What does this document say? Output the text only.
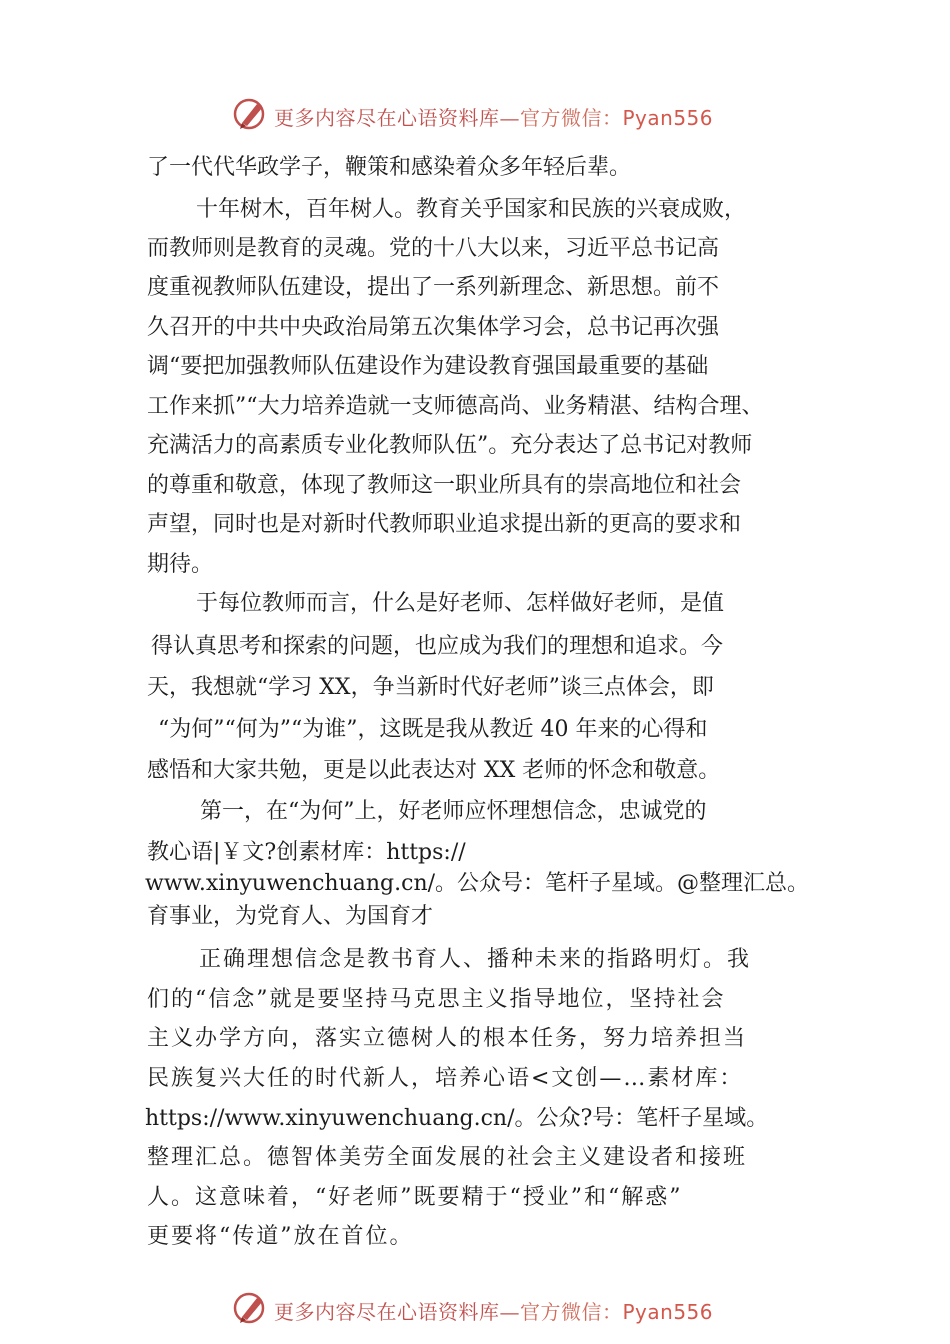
更多内容尽在心语资料库—官方微信：Pyan556
了一代代华政学子，鞭策和感染着众多年轻后辈。
十年树木，百年树人。教育关乎国家和民族的兴衰成败，
而教师则是教育的灵魂。党的十八大以来，习近平总书记高
度重视教师队伍建设，提出了一系列新理念、新思想。前不
久召开的中共中央政治局第五次集体学习会，总书记再次强
调“要把加强教师队伍建设作为建设教育强国最重要的基础
工作来抓”“大力培养造就一支师德高尚、业务精湛、结构合理、
充满活力的高素质专业化教师队伍”。充分表达了总书记对教师
的尊重和敬意，体现了教师这一职业所具有的崇高地位和社会
声望，同时也是对新时代教师职业追求提出新的更高的要求和
期待。
于每位教师而言，什么是好老师、怎样做好老师，是值
得认真思考和探索的问题，也应成为我们的理想和追求。今
天，我想就“学习 XX，争当新时代好老师”谈三点体会，即
“为何”“何为”“为谁”，这既是我从教近 40 年来的心得和
感悟和大家共勉，更是以此表达对 XX 老师的怀念和敬意。
第一，在“为何”上，好老师应怀理想信念，忠诚党的
教心语|￥文?创素材库：https://
www.xinyuwenchuang.cn/。公众号：笔杆子星域。@整理汇总。
育事业，为党育人、为国育才
正确理想信念是教书育人、播种未来的指路明灯。我
们的“信念”就是要坚持马克思主义指导地位，坚持社会
主义办学方向，落实立德树人的根本任务，努力培养担当
民族复兴大任的时代新人，培养心语<文创—…素材库：
https://www.xinyuwenchuang.cn/。公众?号：笔杆子星域。
整理汇总。德智体美劳全面发展的社会主义建设者和接班
人。这意味着，“好老师”既要精于“授业”和“解惑”
更要将“传道”放在首位。
更多内容尽在心语资料库—官方微信：Pyan556
